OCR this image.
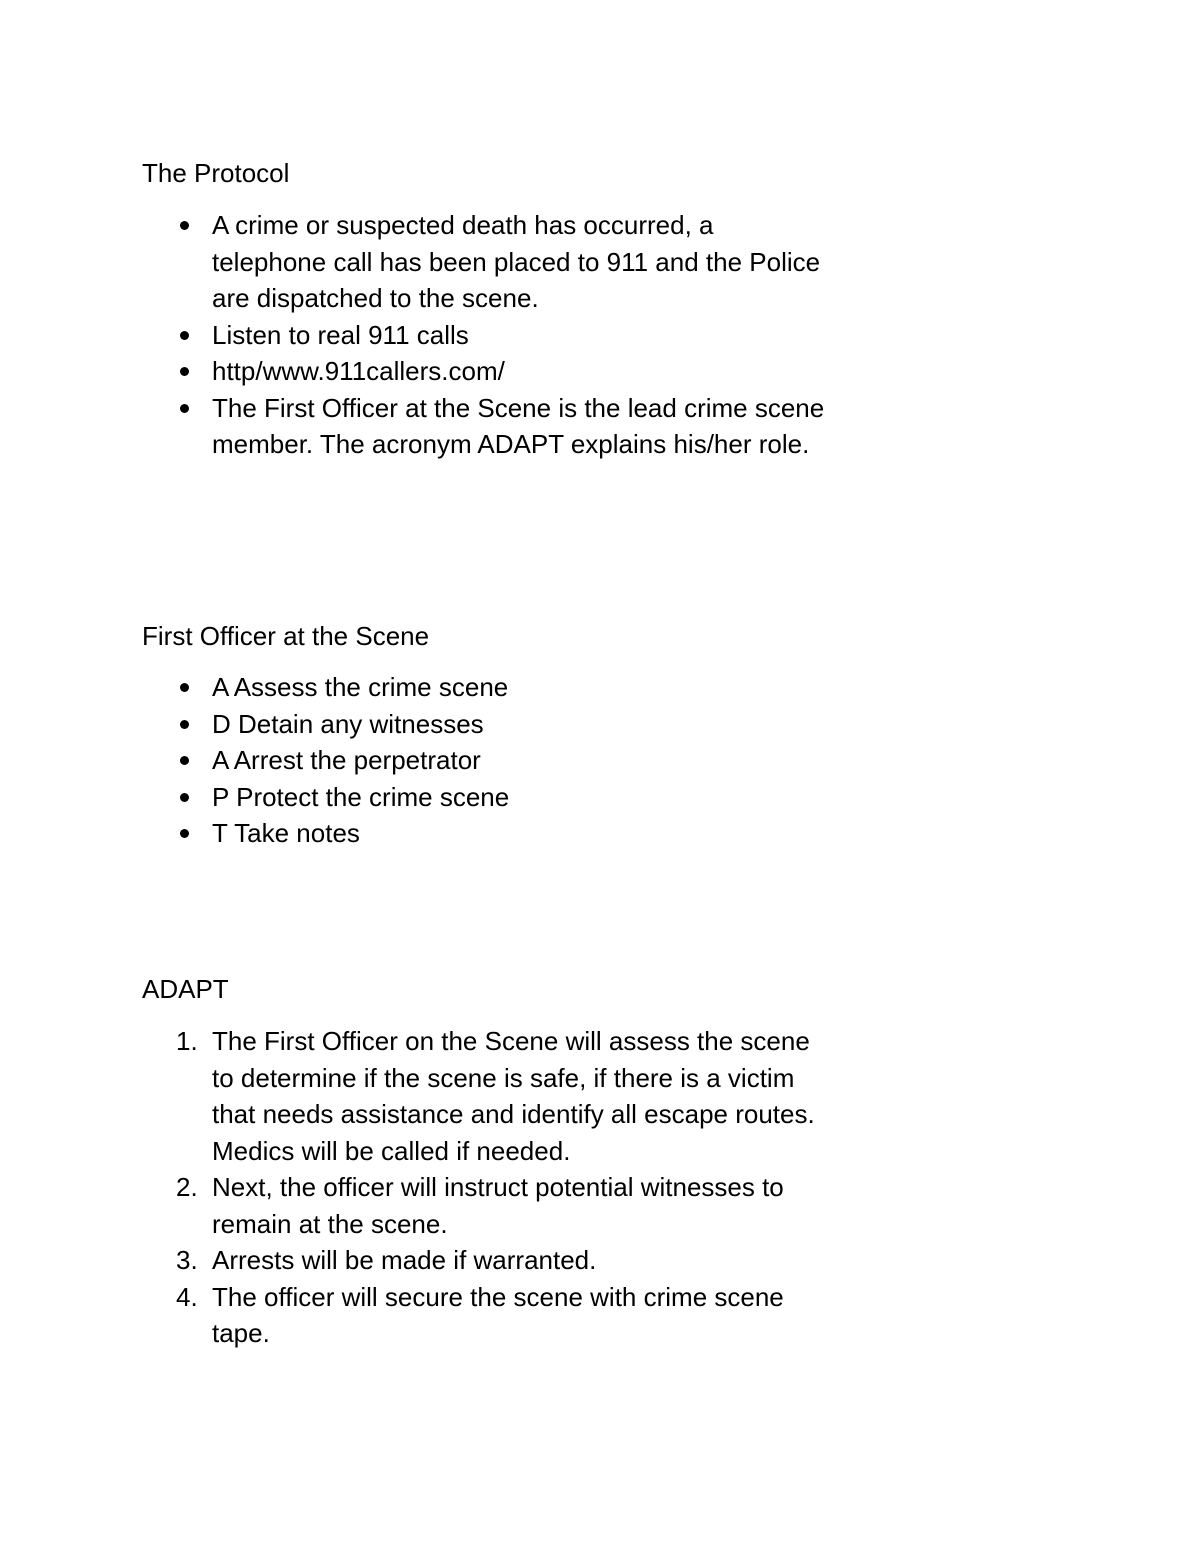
The Protocol
A crime or suspected death has occurred, a telephone call has been placed to 911 and the Police are dispatched to the scene.
Listen to real 911 calls
http/www.911callers.com/
The First Officer at the Scene is the lead crime scene member. The acronym ADAPT explains his/her role.
First Officer at the Scene
A Assess the crime scene
D Detain any witnesses
A Arrest the perpetrator
P Protect the crime scene
T Take notes
ADAPT
1. The First Officer on the Scene will assess the scene to determine if the scene is safe, if there is a victim that needs assistance and identify all escape routes. Medics will be called if needed.
2. Next, the officer will instruct potential witnesses to remain at the scene.
3. Arrests will be made if warranted.
4. The officer will secure the scene with crime scene tape.
